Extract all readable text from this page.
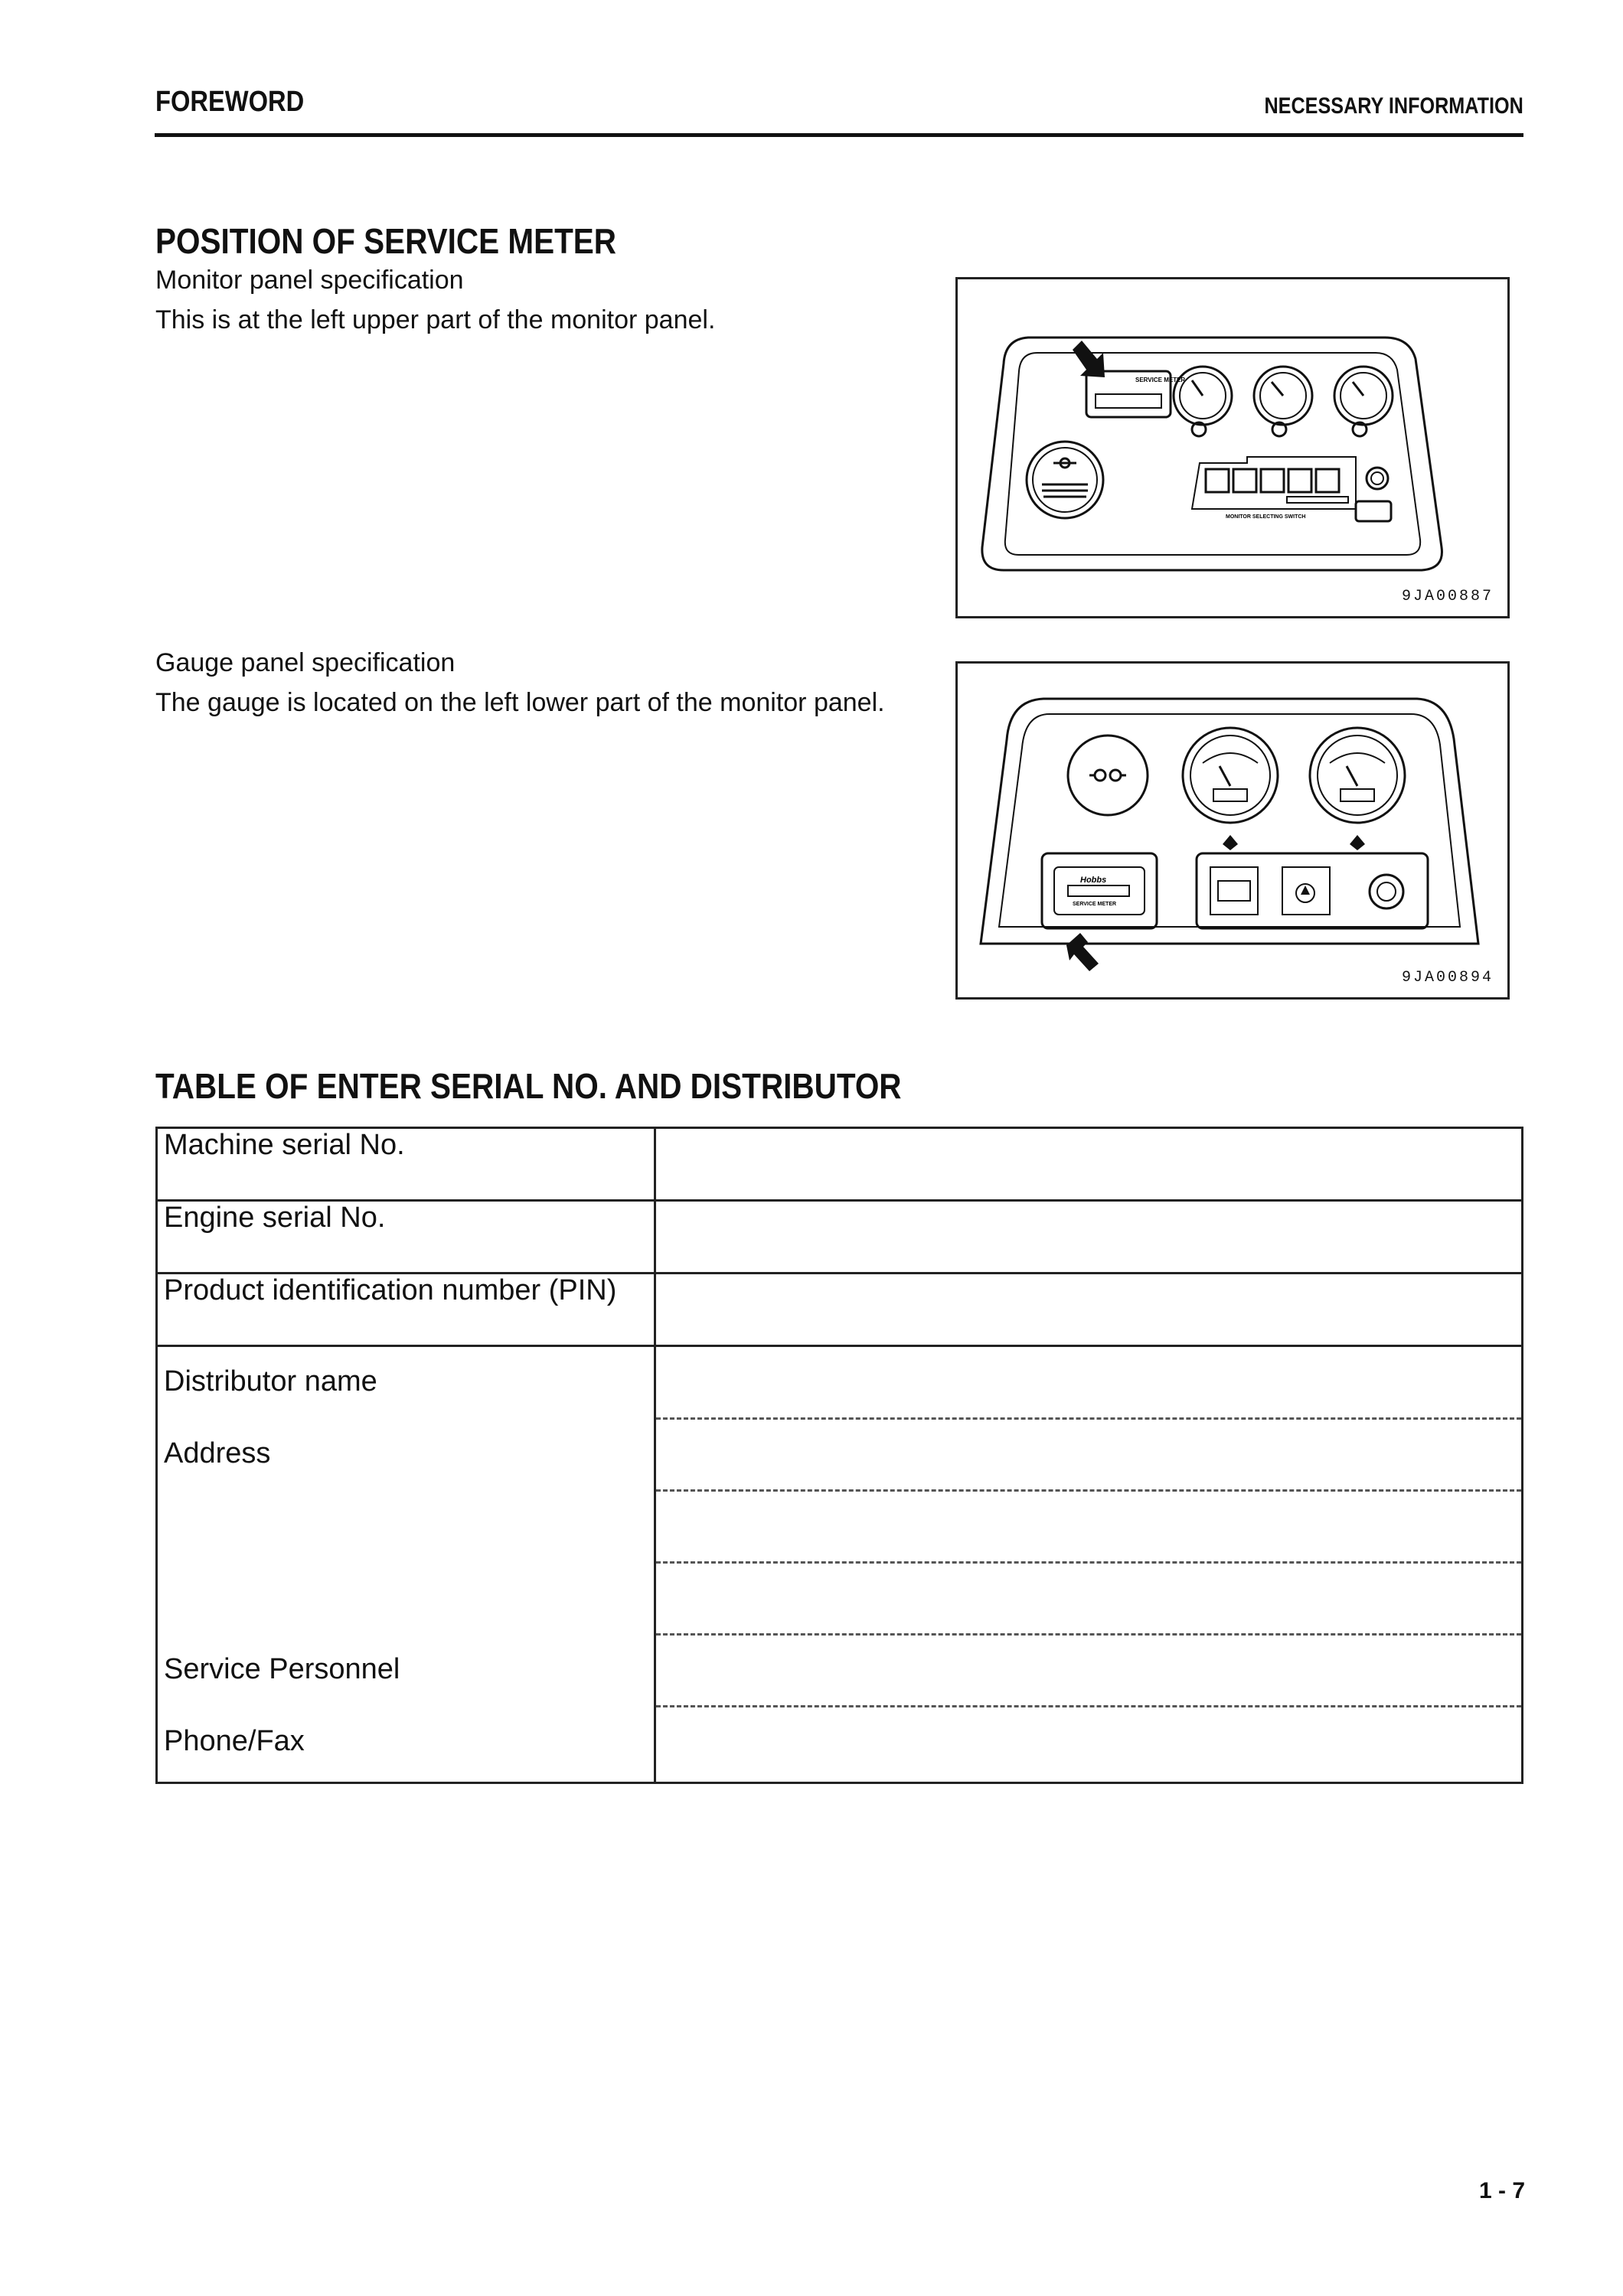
FOREWORD	NECESSARY INFORMATION
POSITION OF SERVICE METER
Monitor panel specification
This is at the left upper part of the monitor panel.
SERVICE METER
MONITOR SELECTING SWITCH
9JA00887
Gauge panel specification
The gauge is located on the left lower part of the monitor panel.
Hobbs
SERVICE METER
9JA00894
TABLE OF ENTER SERIAL NO. AND DISTRIBUTOR
Machine serial No.	
Engine serial No.	
Product identification number (PIN)	

Distributor name
Address
Service Personnel
Phone/Fax	

1 - 7
